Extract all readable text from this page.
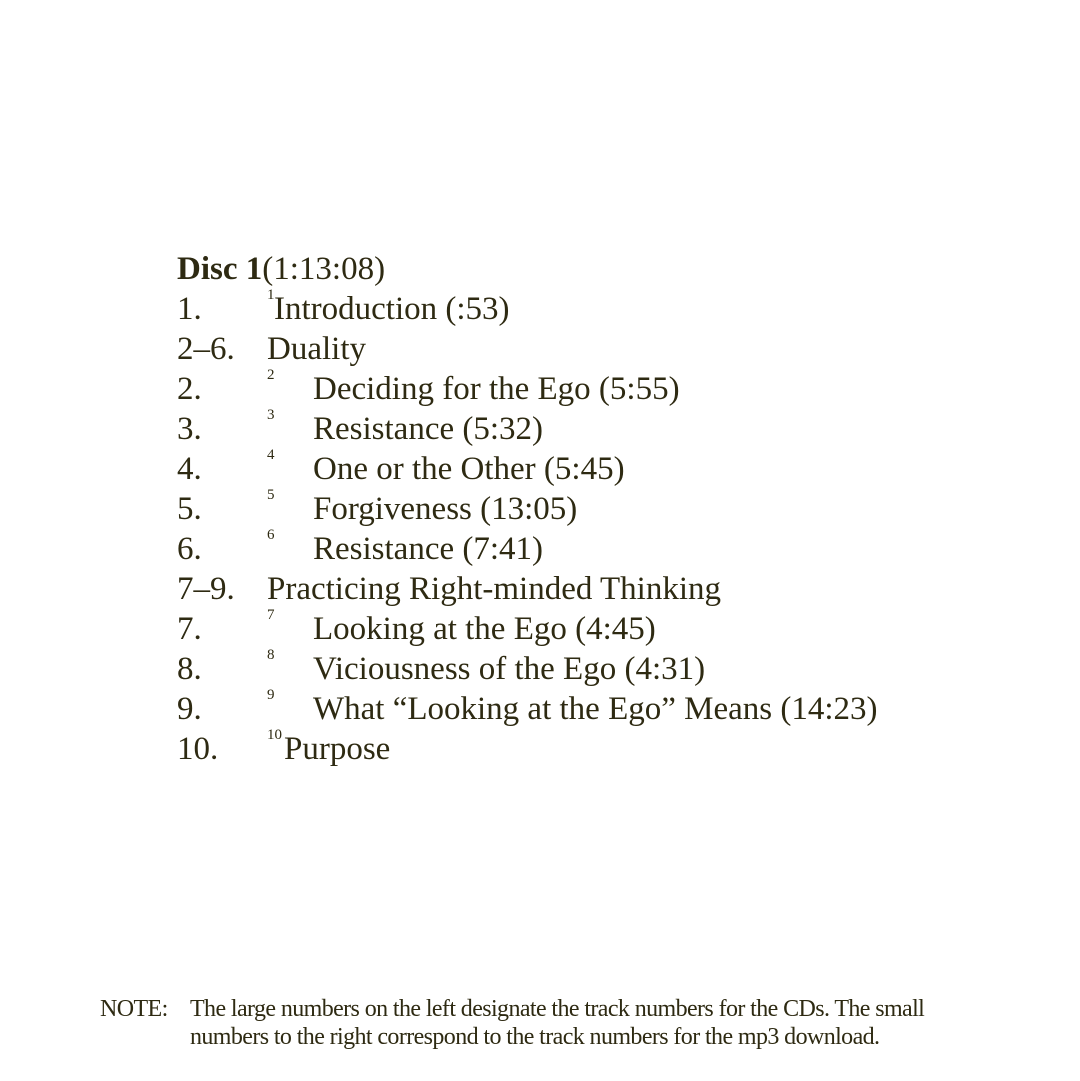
Disc 1(1:13:08)
1.	1 Introduction (:53)
2–6. Duality
2.	2 Deciding for the Ego (5:55)
3.	3 Resistance (5:32)
4.	4 One or the Other (5:45)
5.	5 Forgiveness (13:05)
6.	6 Resistance (7:41)
7–9. Practicing Right-minded Thinking
7.	7 Looking at the Ego (4:45)
8.	8 Viciousness of the Ego (4:31)
9.	9 What “Looking at the Ego” Means (14:23)
10.	10 Purpose
NOTE: The large numbers on the left designate the track numbers for the CDs. The small
numbers to the right correspond to the track numbers for the mp3 download.
